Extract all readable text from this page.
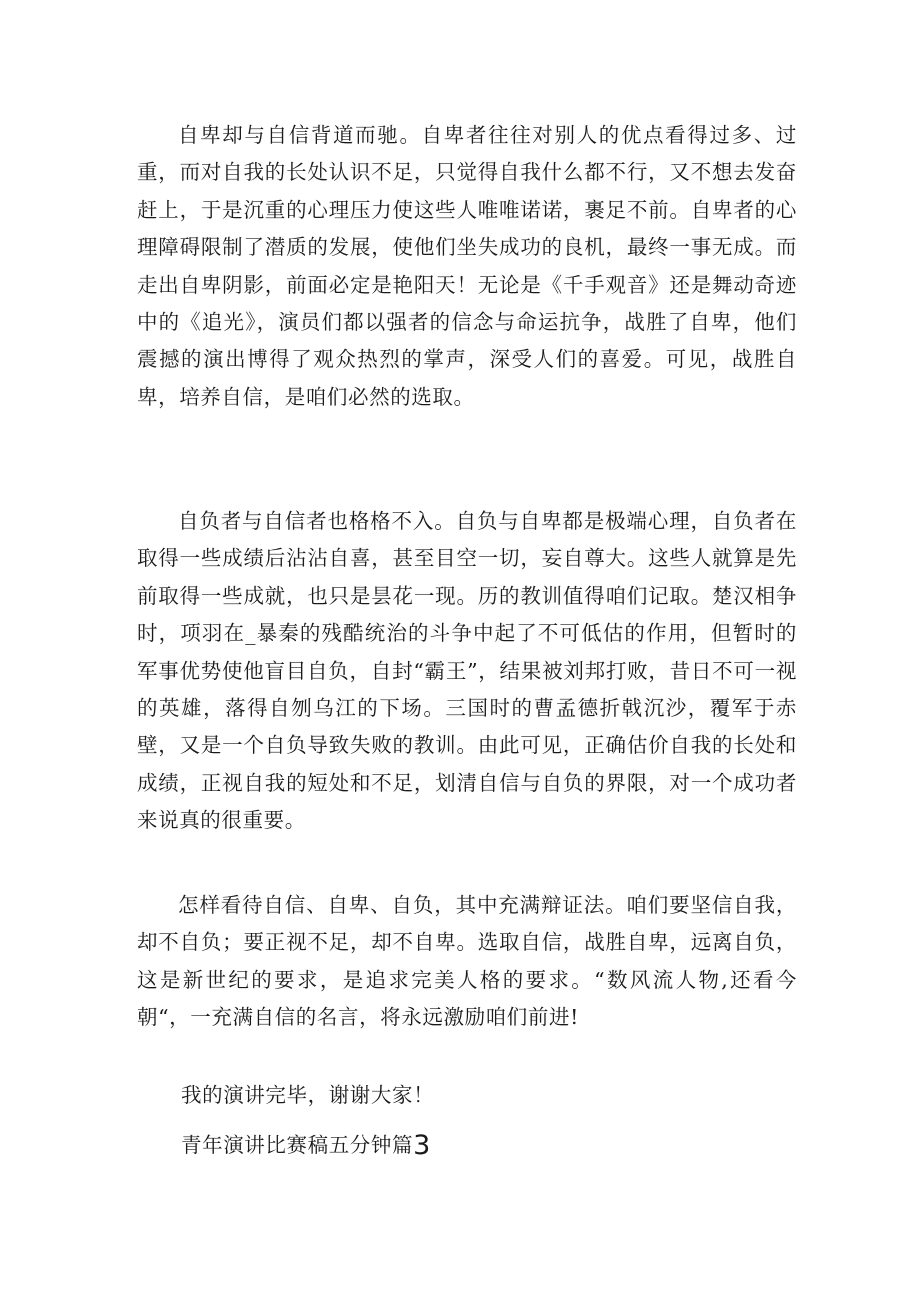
自卑却与自信背道而驰。自卑者往往对别人的优点看得过多、过重，而对自我的长处认识不足，只觉得自我什么都不行，又不想去发奋赶上，于是沉重的心理压力使这些人唯唯诺诺，裹足不前。自卑者的心理障碍限制了潜质的发展，使他们坐失成功的良机，最终一事无成。而走出自卑阴影，前面必定是艳阳天！无论是《千手观音》还是舞动奇迹中的《追光》，演员们都以强者的信念与命运抗争，战胜了自卑，他们震撼的演出博得了观众热烈的掌声，深受人们的喜爱。可见，战胜自卑，培养自信，是咱们必然的选取。

自负者与自信者也格格不入。自负与自卑都是极端心理，自负者在取得一些成绩后沾沾自喜，甚至目空一切，妄自尊大。这些人就算是先前取得一些成就，也只是昙花一现。历的教训值得咱们记取。楚汉相争时，项羽在_暴秦的残酷统治的斗争中起了不可低估的作用，但暂时的军事优势使他盲目自负，自封“霸王”，结果被刘邦打败，昔日不可一视的英雄，落得自刎乌江的下场。三国时的曹孟德折戟沉沙，覆军于赤壁，又是一个自负导致失败的教训。由此可见，正确估价自我的长处和成绩，正视自我的短处和不足，划清自信与自负的界限，对一个成功者来说真的很重要。

怎样看待自信、自卑、自负，其中充满辩证法。咱们要坚信自我，却不自负；要正视不足，却不自卑。选取自信，战胜自卑，远离自负，这是新世纪的要求，是追求完美人格的要求。“数风流人物,还看今朝“，一充满自信的名言，将永远激励咱们前进!

我的演讲完毕，谢谢大家！

青年演讲比赛稿五分钟篇3
